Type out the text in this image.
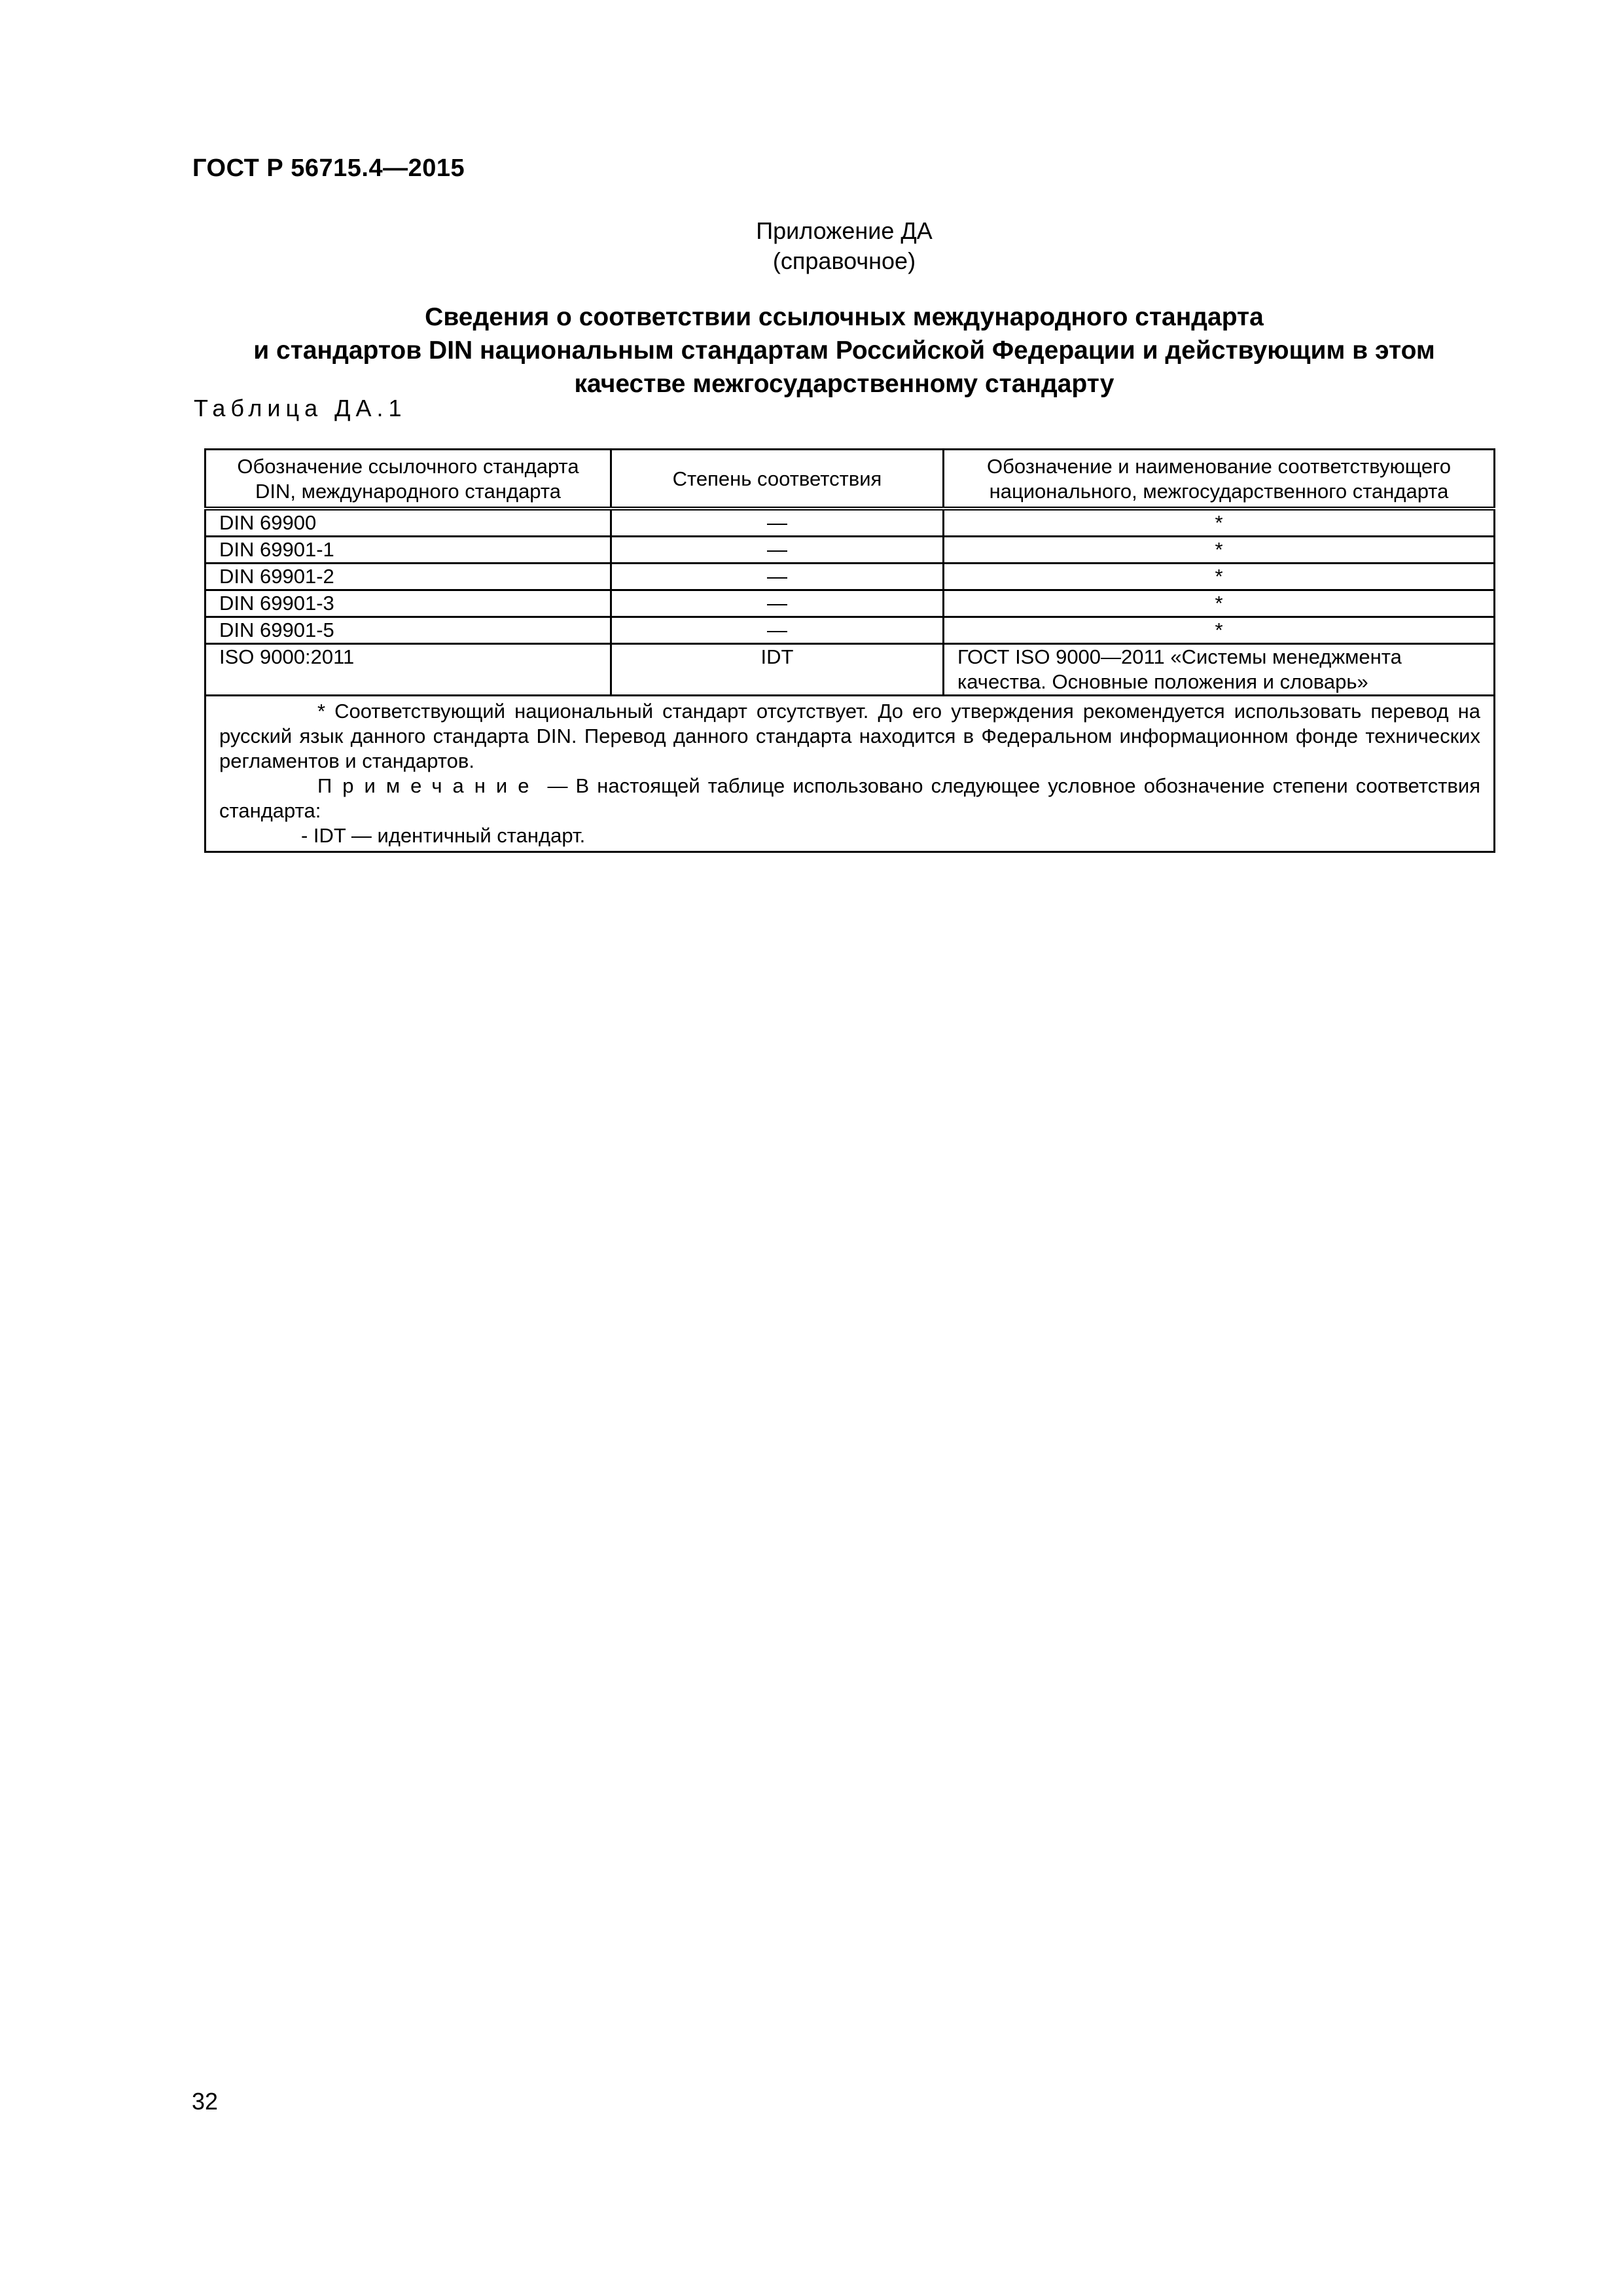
ГОСТ Р 56715.4—2015
Приложение ДА
(справочное)
Сведения о соответствии ссылочных международного стандарта
и стандартов DIN национальным стандартам Российской Федерации и действующим в этом
качестве межгосударственному стандарту
Таблица ДА.1
Обозначение ссылочного стандарта DIN, международного стандарта	Степень соответствия	Обозначение и наименование соответствующего национального, межгосударственного стандарта
DIN 69900	—	*
DIN 69901-1	—	*
DIN 69901-2	—	*
DIN 69901-3	—	*
DIN 69901-5	—	*
ISO 9000:2011	IDT	ГОСТ ISO 9000—2011 «Системы менеджмента качества. Основные положения и словарь»

* Соответствующий национальный стандарт отсутствует. До его утверждения рекомендуется использовать перевод на русский язык данного стандарта DIN. Перевод данного стандарта находится в Федеральном информационном фонде технических регламентов и стандартов.
Примечание — В настоящей таблице использовано следующее условное обозначение степени соответствия стандарта:
- IDT — идентичный стандарт.		
32
